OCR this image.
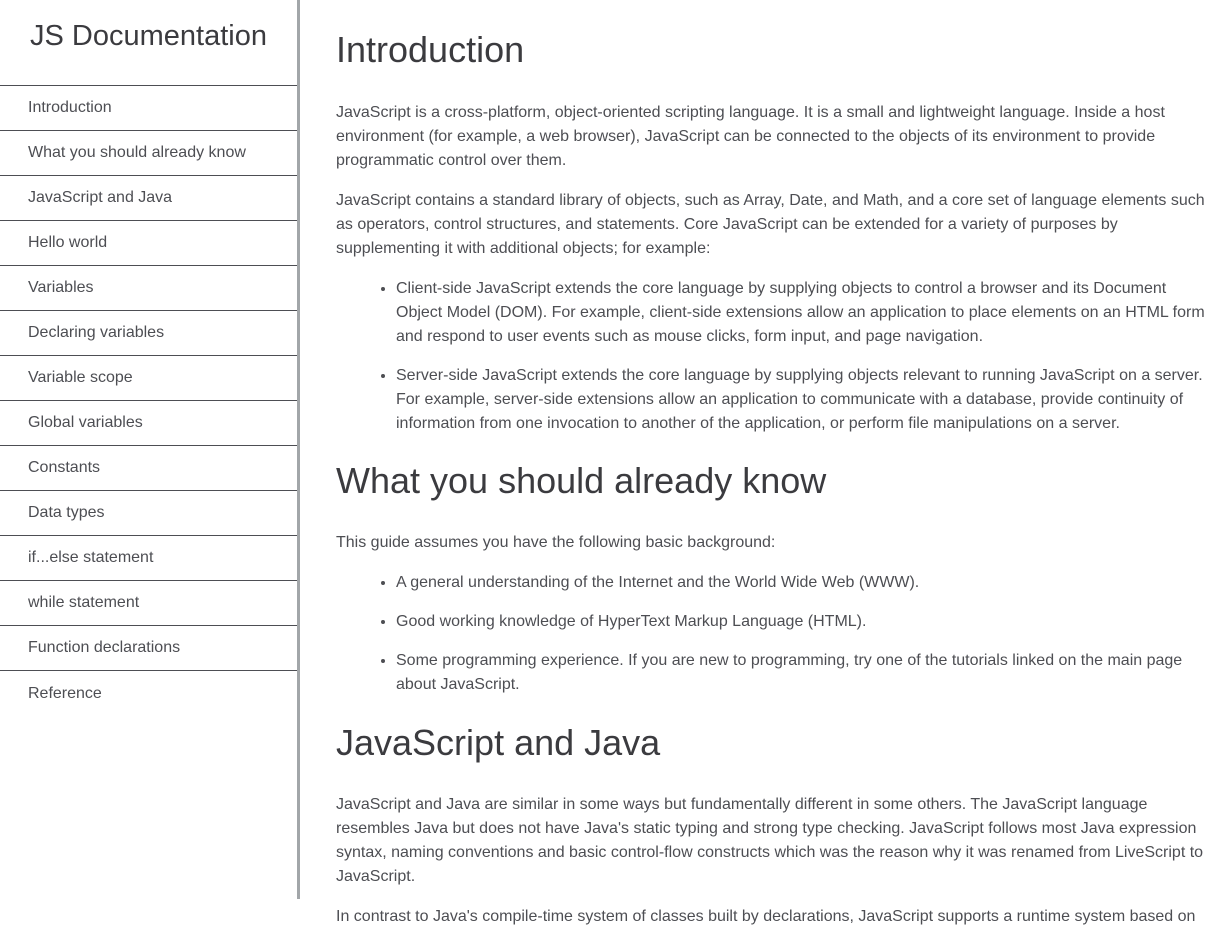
JS Documentation
Introduction
What you should already know
JavaScript and Java
Hello world
Variables
Declaring variables
Variable scope
Global variables
Constants
Data types
if...else statement
while statement
Function declarations
Reference
Introduction

JavaScript is a cross-platform, object-oriented scripting language. It is a small and lightweight language. Inside a host environment (for example, a web browser), JavaScript can be connected to the objects of its environment to provide programmatic control over them.

JavaScript contains a standard library of objects, such as Array, Date, and Math, and a core set of language elements such as operators, control structures, and statements. Core JavaScript can be extended for a variety of purposes by supplementing it with additional objects; for example:

• Client-side JavaScript extends the core language by supplying objects to control a browser and its Document Object Model (DOM). For example, client-side extensions allow an application to place elements on an HTML form and respond to user events such as mouse clicks, form input, and page navigation.
• Server-side JavaScript extends the core language by supplying objects relevant to running JavaScript on a server. For example, server-side extensions allow an application to communicate with a database, provide continuity of information from one invocation to another of the application, or perform file manipulations on a server.
What you should already know

This guide assumes you have the following basic background:

• A general understanding of the Internet and the World Wide Web (WWW).
• Good working knowledge of HyperText Markup Language (HTML).
• Some programming experience. If you are new to programming, try one of the tutorials linked on the main page about JavaScript.
JavaScript and Java

JavaScript and Java are similar in some ways but fundamentally different in some others. The JavaScript language resembles Java but does not have Java's static typing and strong type checking. JavaScript follows most Java expression syntax, naming conventions and basic control-flow constructs which was the reason why it was renamed from LiveScript to JavaScript.

In contrast to Java's compile-time system of classes built by declarations, JavaScript supports a runtime system based on
